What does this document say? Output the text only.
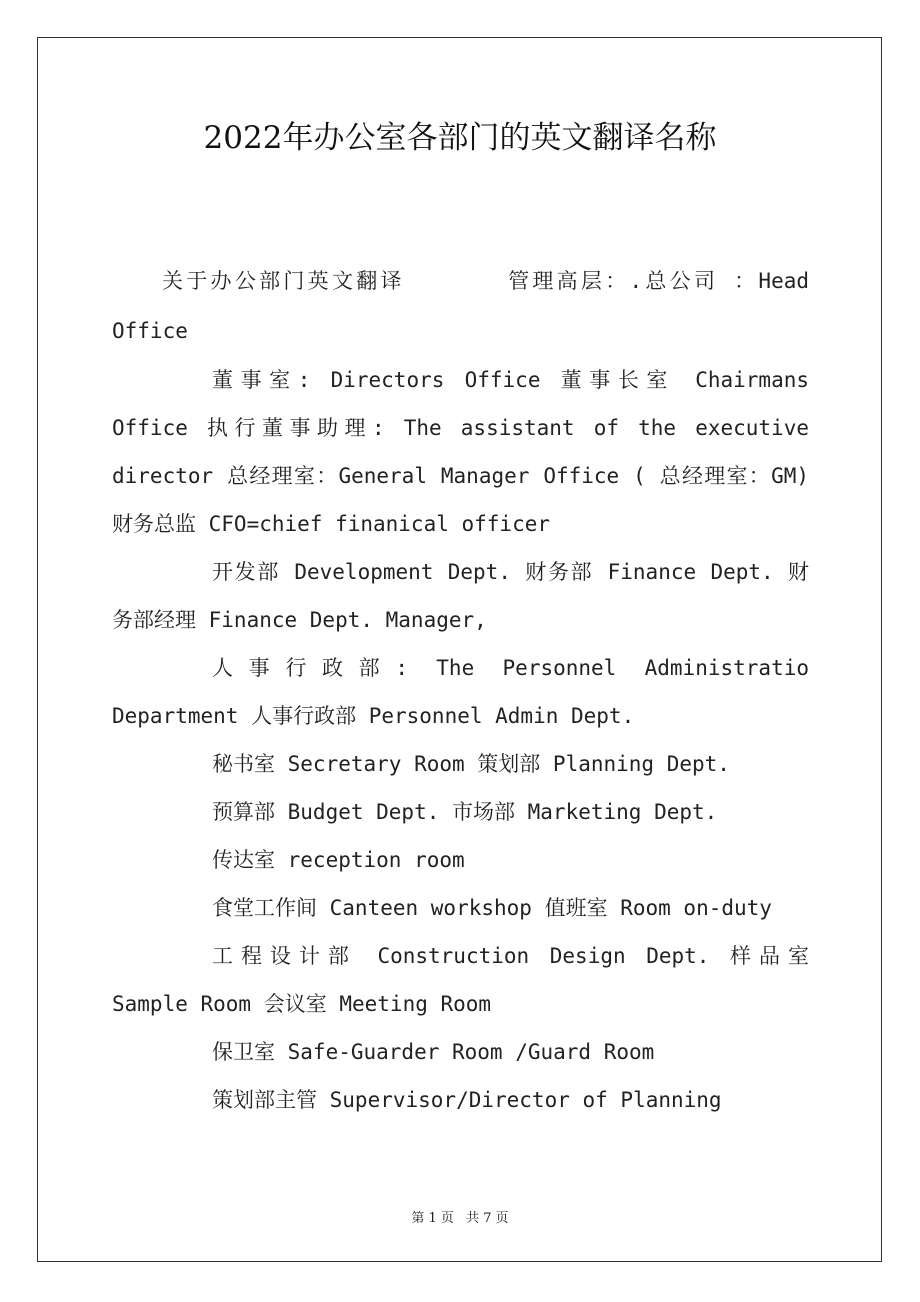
2022年办公室各部门的英文翻译名称

关于办公部门英文翻译	管理高层：.总公司 ：Head Office

董事室: Directors Office 董事长室 Chairmans Office 执行董事助理: The assistant of the executive director 总经理室：General Manager Office ( 总经理室：GM) 财务总监 CFO=chief finanical officer

开发部 Development Dept. 财务部 Finance Dept. 财务部经理 Finance Dept. Manager,

人事行政部: The Personnel Administratio Department 人事行政部 Personnel Admin Dept.

秘书室 Secretary Room 策划部 Planning Dept.

预算部 Budget Dept. 市场部 Marketing Dept.

传达室 reception room

食堂工作间 Canteen workshop 值班室 Room on-duty

工程设计部 Construction Design Dept. 样品室 Sample Room 会议室 Meeting Room

保卫室 Safe-Guarder Room /Guard Room

策划部主管 Supervisor/Director of Planning

第 1 页 共 7 页
